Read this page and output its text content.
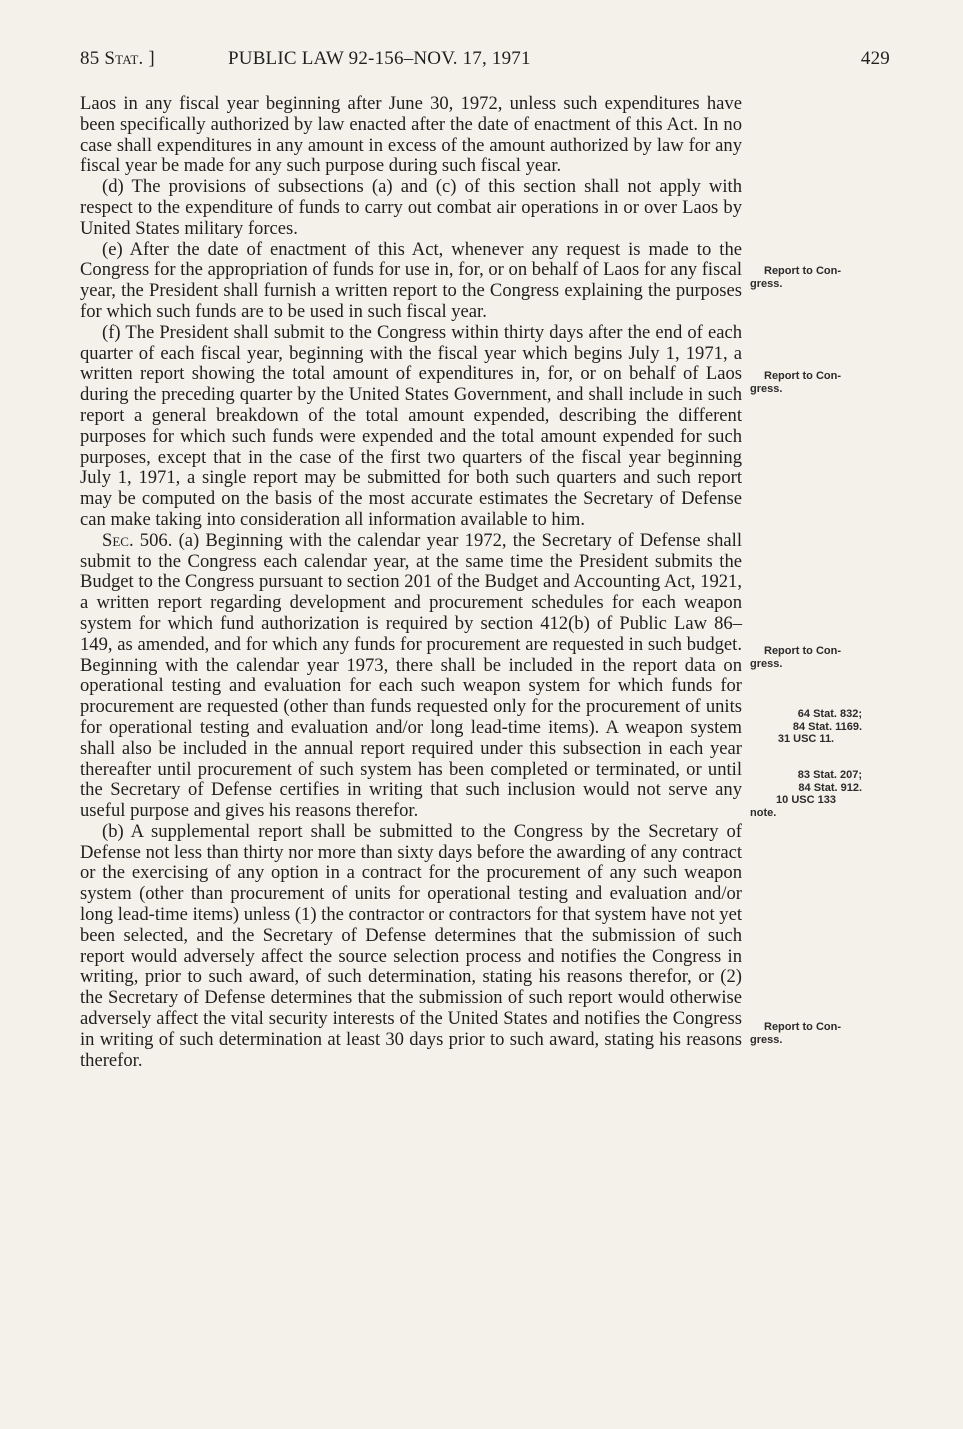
85 Stat. ]	PUBLIC LAW 92-156–NOV. 17, 1971	429

Laos in any fiscal year beginning after June 30, 1972, unless such expenditures have been specifically authorized by law enacted after the date of enactment of this Act. In no case shall expenditures in any amount in excess of the amount authorized by law for any fiscal year be made for any such purpose during such fiscal year.

(d) The provisions of subsections (a) and (c) of this section shall not apply with respect to the expenditure of funds to carry out combat air operations in or over Laos by United States military forces.

(e) After the date of enactment of this Act, whenever any request is made to the Congress for the appropriation of funds for use in, for, or on behalf of Laos for any fiscal year, the President shall furnish a written report to the Congress explaining the purposes for which such funds are to be used in such fiscal year.

(f) The President shall submit to the Congress within thirty days after the end of each quarter of each fiscal year, beginning with the fiscal year which begins July 1, 1971, a written report showing the total amount of expenditures in, for, or on behalf of Laos during the preceding quarter by the United States Government, and shall include in such report a general breakdown of the total amount expended, describing the different purposes for which such funds were expended and the total amount expended for such purposes, except that in the case of the first two quarters of the fiscal year beginning July 1, 1971, a single report may be submitted for both such quarters and such report may be computed on the basis of the most accurate estimates the Secretary of Defense can make taking into consideration all information available to him.

Sec. 506. (a) Beginning with the calendar year 1972, the Secretary of Defense shall submit to the Congress each calendar year, at the same time the President submits the Budget to the Congress pursuant to section 201 of the Budget and Accounting Act, 1921, a written report regarding development and procurement schedules for each weapon system for which fund authorization is required by section 412(b) of Public Law 86–149, as amended, and for which any funds for procurement are requested in such budget. Beginning with the calendar year 1973, there shall be included in the report data on operational testing and evaluation for each such weapon system for which funds for procurement are requested (other than funds requested only for the procurement of units for operational testing and evaluation and/or long lead-time items). A weapon system shall also be included in the annual report required under this subsection in each year thereafter until procurement of such system has been completed or terminated, or until the Secretary of Defense certifies in writing that such inclusion would not serve any useful purpose and gives his reasons therefor.

(b) A supplemental report shall be submitted to the Congress by the Secretary of Defense not less than thirty nor more than sixty days before the awarding of any contract or the exercising of any option in a contract for the procurement of any such weapon system (other than procurement of units for operational testing and evaluation and/or long lead-time items) unless (1) the contractor or contractors for that system have not yet been selected, and the Secretary of Defense determines that the submission of such report would adversely affect the source selection process and notifies the Congress in writing, prior to such award, of such determination, stating his reasons therefor, or (2) the Secretary of Defense determines that the submission of such report would otherwise adversely affect the vital security interests of the United States and notifies the Congress in writing of such determination at least 30 days prior to such award, stating his reasons therefor.

Report to Con-
gress.
Report to Con-
gress.
Report to Con-
gress.
64 Stat. 832;
84 Stat. 1169.
31 USC 11.
83 Stat. 207;
84 Stat. 912.
10 USC 133
note.
Report to Con-
gress.
